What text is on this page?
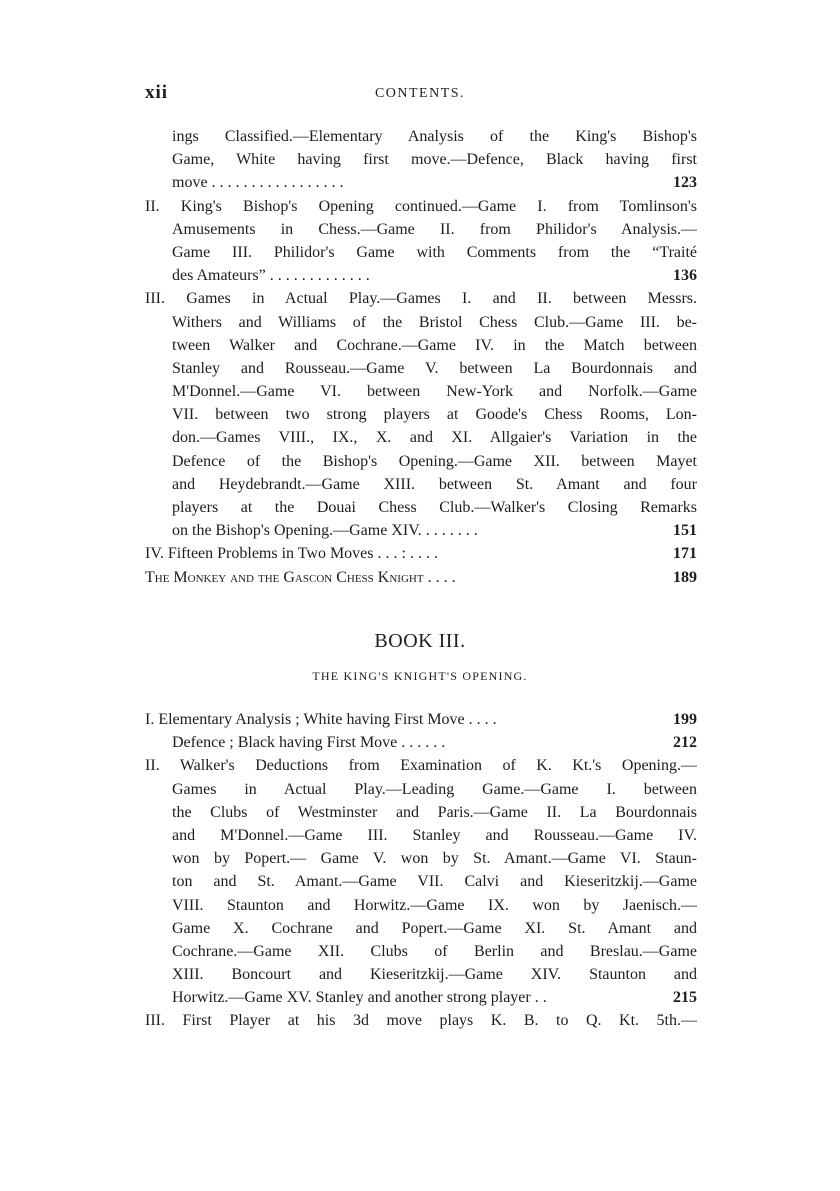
xii	CONTENTS.
ings Classified.—Elementary Analysis of the King's Bishop's
Game, White having first move.—Defence, Black having first
move . . . . . . . . . . . . . . . . .	123
II. King's Bishop's Opening continued.—Game I. from Tomlinson's
Amusements in Chess.—Game II. from Philidor's Analysis.—
Game III. Philidor's Game with Comments from the “Traité
des Amateurs” . . . . . . . . . . . . .	136
III. Games in Actual Play.—Games I. and II. between Messrs.
Withers and Williams of the Bristol Chess Club.—Game III. be-
tween Walker and Cochrane.—Game IV. in the Match between
Stanley and Rousseau.—Game V. between La Bourdonnais and
M'Donnel.—Game VI. between New-York and Norfolk.—Game
VII. between two strong players at Goode's Chess Rooms, Lon-
don.—Games VIII., IX., X. and XI. Allgaier's Variation in the
Defence of the Bishop's Opening.—Game XII. between Mayet
and Heydebrandt.—Game XIII. between St. Amant and four
players at the Douai Chess Club.—Walker's Closing Remarks
on the Bishop's Opening.—Game XIV. . . . . . . .	151
IV. Fifteen Problems in Two Moves . . . : . . . .	171
The Monkey and the Gascon Chess Knight . . . .	189
BOOK III.
THE KING'S KNIGHT'S OPENING.
I. Elementary Analysis ; White having First Move . . . .	199
Defence ; Black having First Move . . . . . .	212
II. Walker's Deductions from Examination of K. Kt.'s Opening.—
Games in Actual Play.—Leading Game.—Game I. between
the Clubs of Westminster and Paris.—Game II. La Bourdonnais
and M'Donnel.—Game III. Stanley and Rousseau.—Game IV.
won by Popert.— Game V. won by St. Amant.—Game VI. Staun-
ton and St. Amant.—Game VII. Calvi and Kieseritzkij.—Game
VIII. Staunton and Horwitz.—Game IX. won by Jaenisch.—
Game X. Cochrane and Popert.—Game XI. St. Amant and
Cochrane.—Game XII. Clubs of Berlin and Breslau.—Game
XIII. Boncourt and Kieseritzkij.—Game XIV. Staunton and
Horwitz.—Game XV. Stanley and another strong player . .	215
III. First Player at his 3d move plays K. B. to Q. Kt. 5th.—
